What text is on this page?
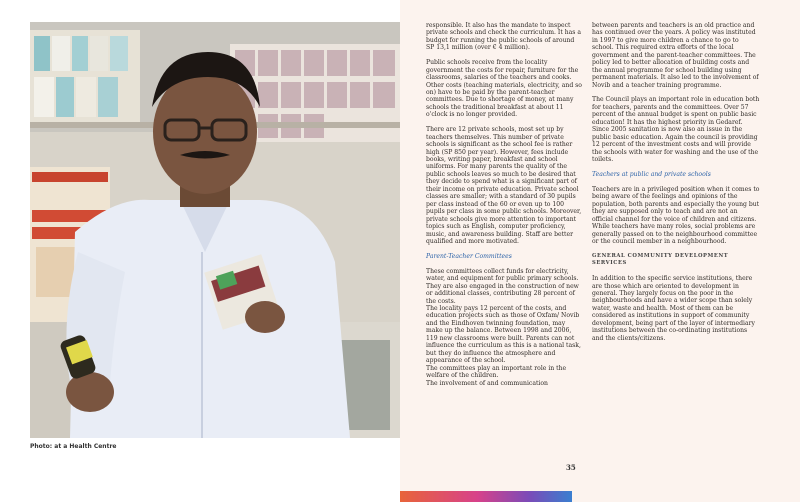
Photo: at a Health Centre

responsible. It also has the mandate to inspect private schools and check the curriculum. It has a budget for running the public schools of around SP 13,1 million (over € 4 million).

Public schools receive from the locality government the costs for repair, furniture for the classrooms, salaries of the teachers and cooks. Other costs (teaching materials, electricity, and so on) have to be paid by the parent-teacher committees. Due to shortage of money, at many schools the traditional breakfast at about 11 o'clock is no longer provided.

There are 12 private schools, most set up by teachers themselves. This number of private schools is significant as the school fee is rather high (SP 850 per year). However, fees include books, writing paper, breakfast and school uniforms. For many parents the quality of the public schools leaves so much to be desired that they decide to spend what is a significant part of their income on private education. Private school classes are smaller; with a standard of 30 pupils per class instead of the 60 or even up to 100 pupils per class in some public schools. Moreover, private schools give more attention to important topics such as English, computer proficiency, music, and awareness building. Staff are better qualified and more motivated.

Parent-Teacher Committees

These committees collect funds for electricity, water, and equipment for public primary schools. They are also engaged in the construction of new or additional classes, contributing 28 percent of the costs.

The locality pays 12 percent of the costs, and education projects such as those of Oxfam/ Novib and the Eindhoven twinning foundation, may make up the balance. Between 1998 and 2006, 119 new classrooms were built. Parents can not influence the curriculum as this is a national task, but they do influence the atmosphere and appearance of the school.

The committees play an important role in the welfare of the children.

The involvement of and communication

between parents and teachers is an old practice and has continued over the years. A policy was instituted in 1997 to give more children a chance to go to school. This required extra efforts of the local government and the parent-teacher committees. The policy led to better allocation of building costs and the annual programme for school building using permanent materials. It also led to the involvement of Novib and a teacher training programme.

The Council plays an important role in education both for teachers, parents and the committees. Over 57 percent of the annual budget is spent on public basic education! It has the highest priority in Gedaref. Since 2005 sanitation is now also an issue in the public basic education. Again the council is providing 12 percent of the investment costs and will provide the schools with water for washing and the use of the toilets.

Teachers at public and private schools

Teachers are in a privileged position when it comes to being aware of the feelings and opinions of the population, both parents and especially the young but they are supposed only to teach and are not an official channel for the voice of children and citizens. While teachers have many roles, social problems are generally passed on to the neighbourhood committee or the council member in a neighbourhood.

GENERAL COMMUNITY DEVELOPMENT SERVICES

In addition to the specific service institutions, there are those which are oriented to development in general. They largely focus on the poor in the neighbourhoods and have a wider scope than solely water, waste and health. Most of them can be considered as institutions in support of community development, being part of the layer of intermediary institutions between the co-ordinating institutions and the clients/citizens.

35
